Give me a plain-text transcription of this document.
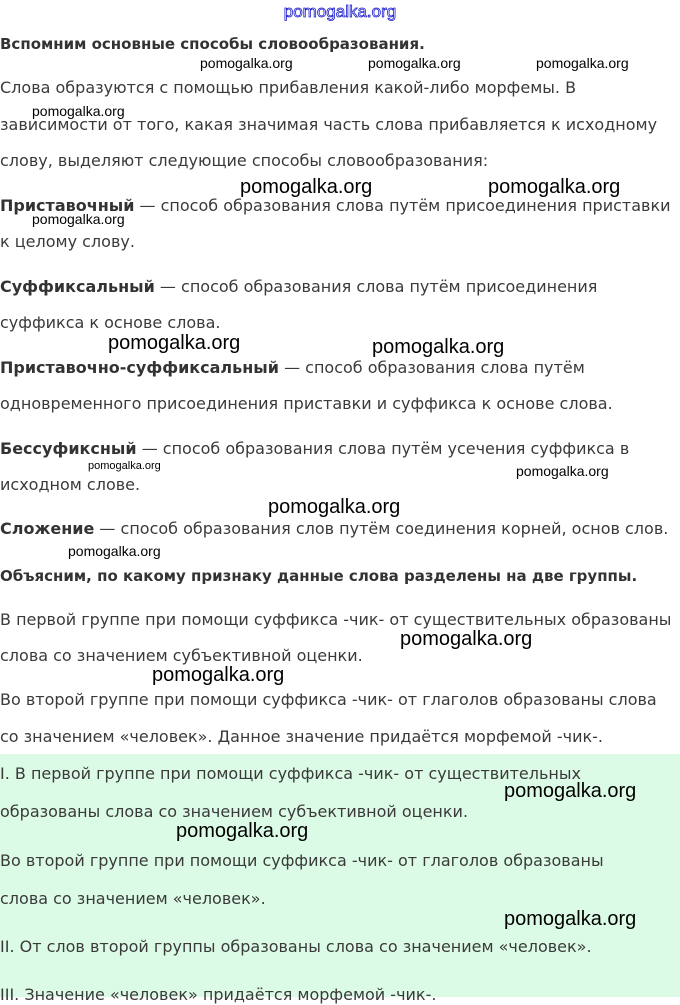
pomogalka.org

Вспомним основные способы словообразования.

Слова образуются с помощью прибавления какой-либо морфемы. В

зависимости от того, какая значимая часть слова прибавляется к исходному

слову, выделяют следующие способы словообразования:

Приставочный — способ образования слова путём присоединения приставки

к целому слову.

Суффиксальный — способ образования слова путём присоединения

суффикса к основе слова.

Приставочно-суффиксальный — способ образования слова путём

одновременного присоединения приставки и суффикса к основе слова.

Бессуфиксный — способ образования слова путём усечения суффикса в

исходном слове.

Сложение — способ образования слов путём соединения корней, основ слов.

Объясним, по какому признаку данные слова разделены на две группы.

В первой группе при помощи суффикса -чик- от существительных образованы

слова со значением субъективной оценки.

Во второй группе при помощи суффикса -чик- от глаголов образованы слова

со значением «человек». Данное значение придаётся морфемой -чик-.

I. В первой группе при помощи суффикса -чик- от существительных

образованы слова со значением субъективной оценки.

Во второй группе при помощи суффикса -чик- от глаголов образованы

слова со значением «человек».

II. От слов второй группы образованы слова со значением «человек».

III. Значение «человек» придаётся морфемой -чик-.

pomogalka.org	pomogalka.org	pomogalka.org
pomogalka.org
pomogalka.org	pomogalka.org
pomogalka.org
pomogalka.org	pomogalka.org
pomogalka.org	pomogalka.org
pomogalka.org
pomogalka.org
pomogalka.org
pomogalka.org
pomogalka.org
pomogalka.org
pomogalka.org
